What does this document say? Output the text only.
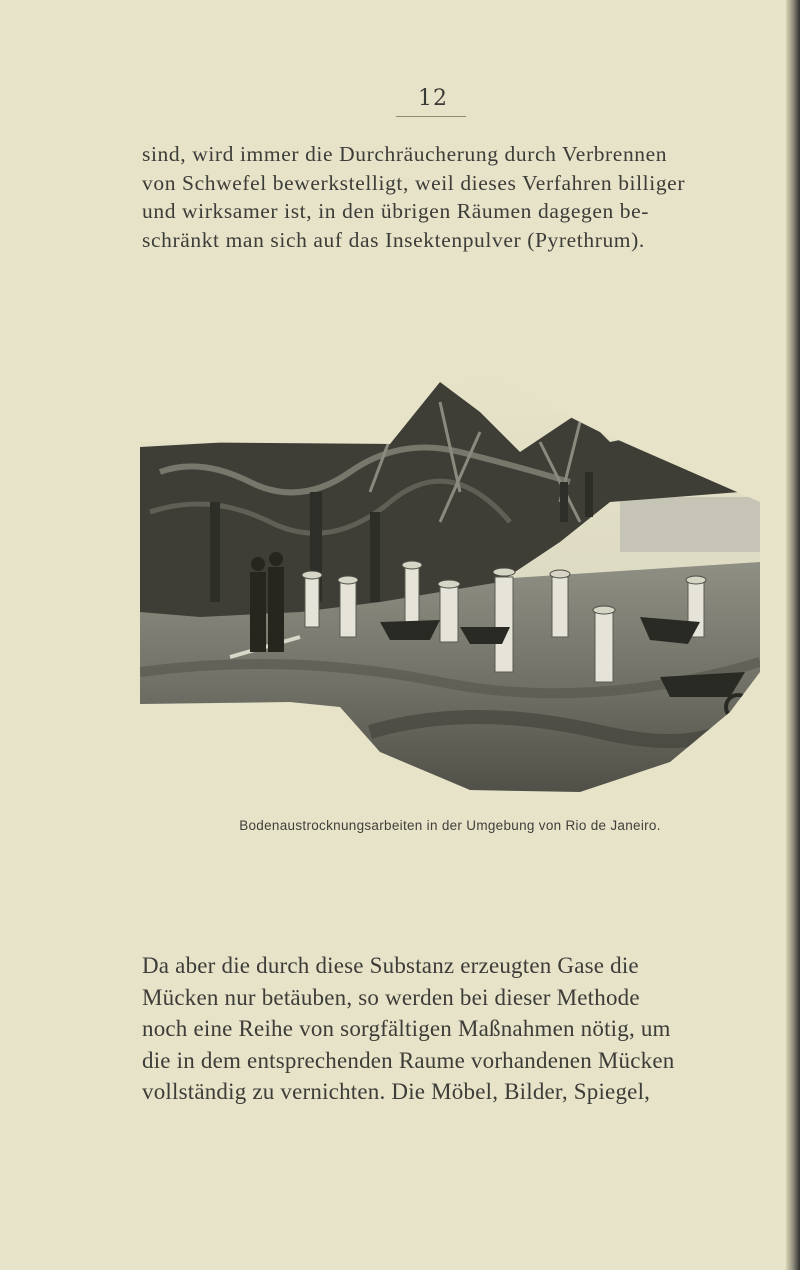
12

sind, wird immer die Durchräucherung durch Verbrennen
von Schwefel bewerkstelligt, weil dieses Verfahren billiger
und wirksamer ist, in den übrigen Räumen dagegen be-
schränkt man sich auf das Insektenpulver (Pyrethrum).

Bodenaustrocknungsarbeiten in der Umgebung von Rio de Janeiro.

Da aber die durch diese Substanz erzeugten Gase die
Mücken nur betäuben, so werden bei dieser Methode
noch eine Reihe von sorgfältigen Maßnahmen nötig, um
die in dem entsprechenden Raume vorhandenen Mücken
vollständig zu vernichten. Die Möbel, Bilder, Spiegel,
